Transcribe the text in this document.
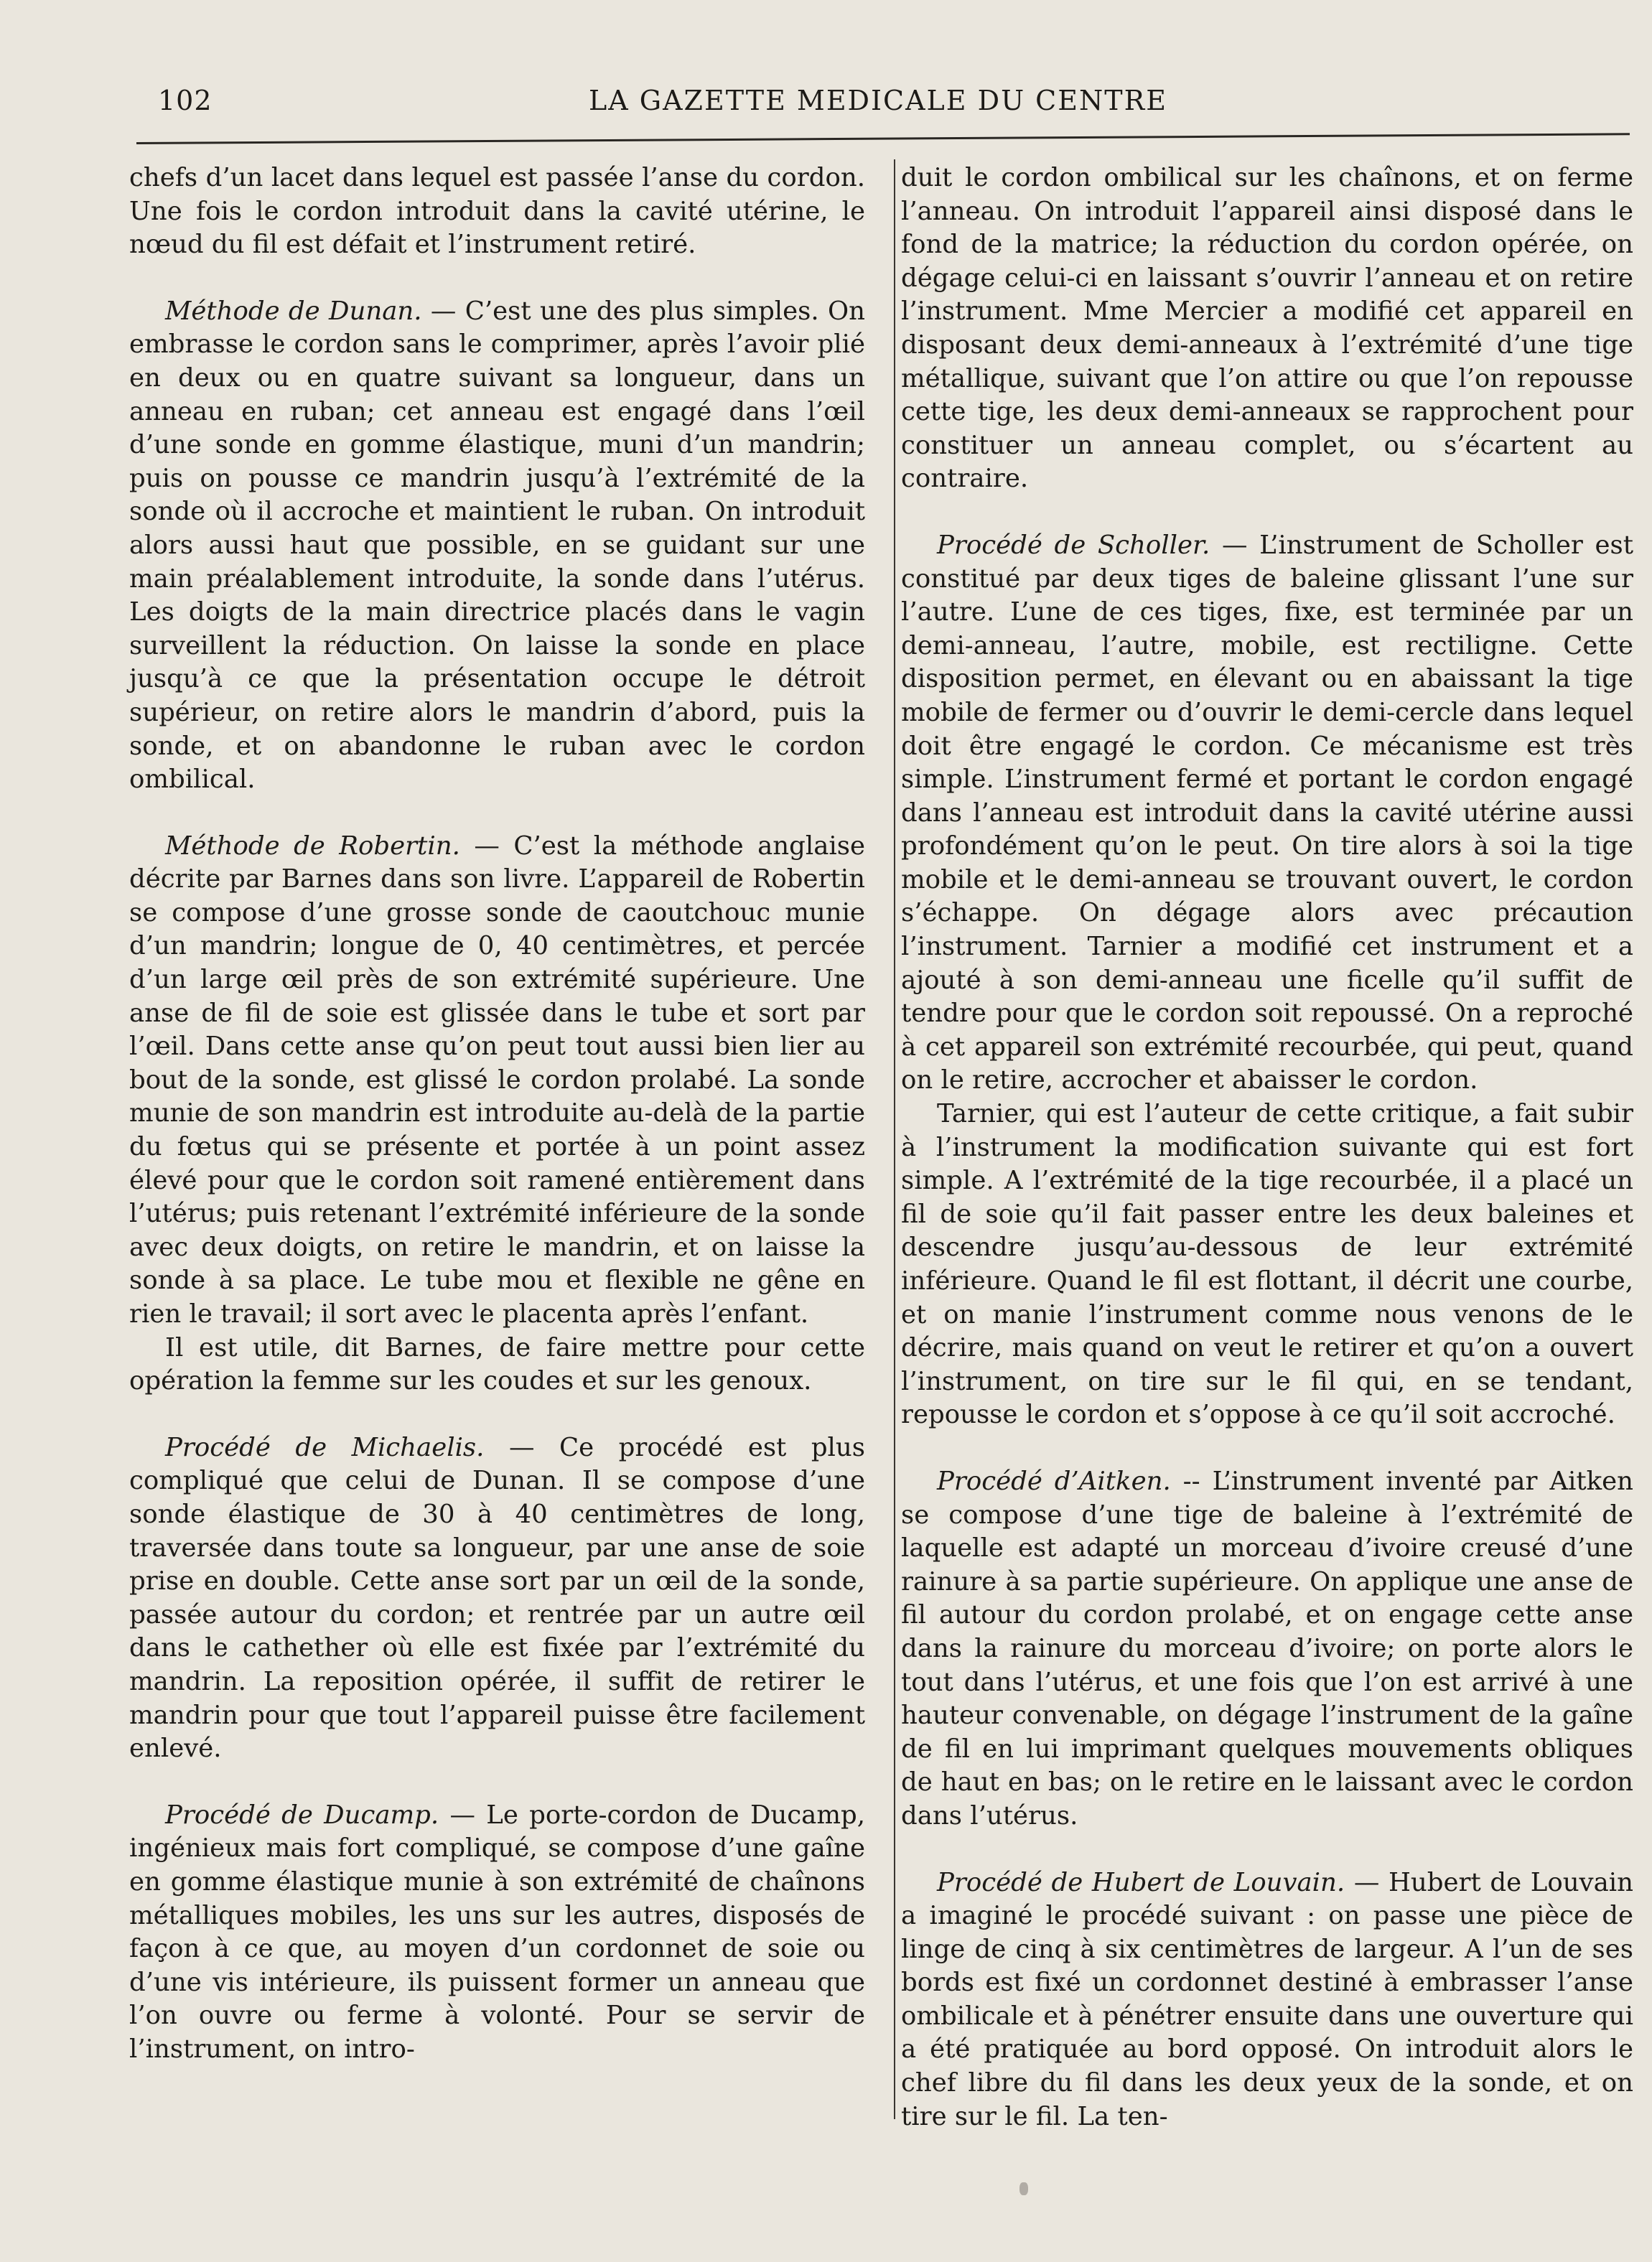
102	LA GAZETTE MEDICALE DU CENTRE

chefs d’un lacet dans lequel est passée l’anse du cordon. Une fois le cordon introduit dans la cavité utérine, le nœud du fil est défait et l’instrument retiré.

Méthode de Dunan. — C’est une des plus simples. On embrasse le cordon sans le comprimer, après l’avoir plié en deux ou en quatre suivant sa longueur, dans un anneau en ruban; cet anneau est engagé dans l’œil d’une sonde en gomme élastique, muni d’un mandrin; puis on pousse ce mandrin jusqu’à l’extrémité de la sonde où il accroche et maintient le ruban. On introduit alors aussi haut que possible, en se guidant sur une main préalablement introduite, la sonde dans l’utérus. Les doigts de la main directrice placés dans le vagin surveillent la réduction. On laisse la sonde en place jusqu’à ce que la présentation occupe le détroit supérieur, on retire alors le mandrin d’abord, puis la sonde, et on abandonne le ruban avec le cordon ombilical.

Méthode de Robertin. — C’est la méthode anglaise décrite par Barnes dans son livre. L’appareil de Robertin se compose d’une grosse sonde de caoutchouc munie d’un mandrin; longue de 0, 40 centimètres, et percée d’un large œil près de son extrémité supérieure. Une anse de fil de soie est glissée dans le tube et sort par l’œil. Dans cette anse qu’on peut tout aussi bien lier au bout de la sonde, est glissé le cordon prolabé. La sonde munie de son mandrin est introduite au-delà de la partie du fœtus qui se présente et portée à un point assez élevé pour que le cordon soit ramené entièrement dans l’utérus; puis retenant l’extrémité inférieure de la sonde avec deux doigts, on retire le mandrin, et on laisse la sonde à sa place. Le tube mou et flexible ne gêne en rien le travail; il sort avec le placenta après l’enfant.

Il est utile, dit Barnes, de faire mettre pour cette opération la femme sur les coudes et sur les genoux.

Procédé de Michaelis. — Ce procédé est plus compliqué que celui de Dunan. Il se compose d’une sonde élastique de 30 à 40 centimètres de long, traversée dans toute sa longueur, par une anse de soie prise en double. Cette anse sort par un œil de la sonde, passée autour du cordon; et rentrée par un autre œil dans le cathether où elle est fixée par l’extrémité du mandrin. La reposition opérée, il suffit de retirer le mandrin pour que tout l’appareil puisse être facilement enlevé.

Procédé de Ducamp. — Le porte-cordon de Ducamp, ingénieux mais fort compliqué, se compose d’une gaîne en gomme élastique munie à son extrémité de chaînons métalliques mobiles, les uns sur les autres, disposés de façon à ce que, au moyen d’un cordonnet de soie ou d’une vis intérieure, ils puissent former un anneau que l’on ouvre ou ferme à volonté. Pour se servir de l’instrument, on intro-

duit le cordon ombilical sur les chaînons, et on ferme l’anneau. On introduit l’appareil ainsi disposé dans le fond de la matrice; la réduction du cordon opérée, on dégage celui-ci en laissant s’ouvrir l’anneau et on retire l’instrument. Mme Mercier a modifié cet appareil en disposant deux demi-anneaux à l’extrémité d’une tige métallique, suivant que l’on attire ou que l’on repousse cette tige, les deux demi-anneaux se rapprochent pour constituer un anneau complet, ou s’écartent au contraire.

Procédé de Scholler. — L’instrument de Scholler est constitué par deux tiges de baleine glissant l’une sur l’autre. L’une de ces tiges, fixe, est terminée par un demi-anneau, l’autre, mobile, est rectiligne. Cette disposition permet, en élevant ou en abaissant la tige mobile de fermer ou d’ouvrir le demi-cercle dans lequel doit être engagé le cordon. Ce mécanisme est très simple. L’instrument fermé et portant le cordon engagé dans l’anneau est introduit dans la cavité utérine aussi profondément qu’on le peut. On tire alors à soi la tige mobile et le demi-anneau se trouvant ouvert, le cordon s’échappe. On dégage alors avec précaution l’instrument. Tarnier a modifié cet instrument et a ajouté à son demi-anneau une ficelle qu’il suffit de tendre pour que le cordon soit repoussé. On a reproché à cet appareil son extrémité recourbée, qui peut, quand on le retire, accrocher et abaisser le cordon.

Tarnier, qui est l’auteur de cette critique, a fait subir à l’instrument la modification suivante qui est fort simple. A l’extrémité de la tige recourbée, il a placé un fil de soie qu’il fait passer entre les deux baleines et descendre jusqu’au-dessous de leur extrémité inférieure. Quand le fil est flottant, il décrit une courbe, et on manie l’instrument comme nous venons de le décrire, mais quand on veut le retirer et qu’on a ouvert l’instrument, on tire sur le fil qui, en se tendant, repousse le cordon et s’oppose à ce qu’il soit accroché.

Procédé d’Aitken. -- L’instrument inventé par Aitken se compose d’une tige de baleine à l’extrémité de laquelle est adapté un morceau d’ivoire creusé d’une rainure à sa partie supérieure. On applique une anse de fil autour du cordon prolabé, et on engage cette anse dans la rainure du morceau d’ivoire; on porte alors le tout dans l’utérus, et une fois que l’on est arrivé à une hauteur convenable, on dégage l’instrument de la gaîne de fil en lui imprimant quelques mouvements obliques de haut en bas; on le retire en le laissant avec le cordon dans l’utérus.

Procédé de Hubert de Louvain. — Hubert de Louvain a imaginé le procédé suivant : on passe une pièce de linge de cinq à six centimètres de largeur. A l’un de ses bords est fixé un cordonnet destiné à embrasser l’anse ombilicale et à pénétrer ensuite dans une ouverture qui a été pratiquée au bord opposé. On introduit alors le chef libre du fil dans les deux yeux de la sonde, et on tire sur le fil. La ten-
